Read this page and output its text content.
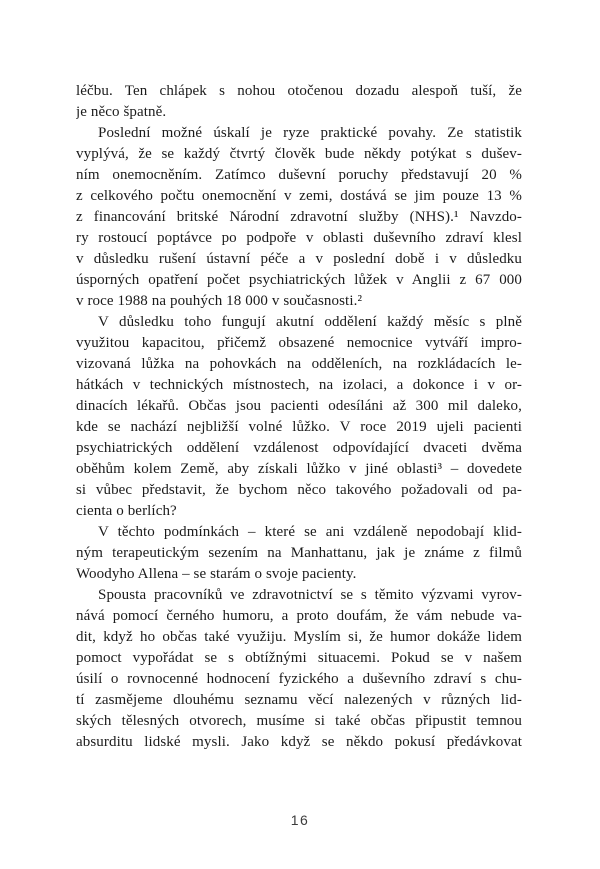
léčbu. Ten chlápek s nohou otočenou dozadu alespoň tuší, že
je něco špatně.
Poslední možné úskalí je ryze praktické povahy. Ze statistik
vyplývá, že se každý čtvrtý člověk bude někdy potýkat s dušev-
ním onemocněním. Zatímco duševní poruchy představují 20 %
z celkového počtu onemocnění v zemi, dostává se jim pouze 13 %
z financování britské Národní zdravotní služby (NHS).¹ Navzdo-
ry rostoucí poptávce po podpoře v oblasti duševního zdraví klesl
v důsledku rušení ústavní péče a v poslední době i v důsledku
úsporných opatření počet psychiatrických lůžek v Anglii z 67 000
v roce 1988 na pouhých 18 000 v současnosti.²
V důsledku toho fungují akutní oddělení každý měsíc s plně
využitou kapacitou, přičemž obsazené nemocnice vytváří impro-
vizovaná lůžka na pohovkách na odděleních, na rozkládacích le-
hátkách v technických místnostech, na izolaci, a dokonce i v or-
dinacích lékařů. Občas jsou pacienti odesíláni až 300 mil daleko,
kde se nachází nejbližší volné lůžko. V roce 2019 ujeli pacienti
psychiatrických oddělení vzdálenost odpovídající dvaceti dvěma
oběhům kolem Země, aby získali lůžko v jiné oblasti³ – dovedete
si vůbec představit, že bychom něco takového požadovali od pa-
cienta o berlích?
V těchto podmínkách – které se ani vzdáleně nepodobají klid-
ným terapeutickým sezením na Manhattanu, jak je známe z filmů
Woodyho Allena – se starám o svoje pacienty.
Spousta pracovníků ve zdravotnictví se s těmito výzvami vyrov-
nává pomocí černého humoru, a proto doufám, že vám nebude va-
dit, když ho občas také využiju. Myslím si, že humor dokáže lidem
pomoct vypořádat se s obtížnými situacemi. Pokud se v našem
úsilí o rovnocenné hodnocení fyzického a duševního zdraví s chu-
tí zasmějeme dlouhému seznamu věcí nalezených v různých lid-
ských tělesných otvorech, musíme si také občas připustit temnou
absurditu lidské mysli. Jako když se někdo pokusí předávkovat
16
